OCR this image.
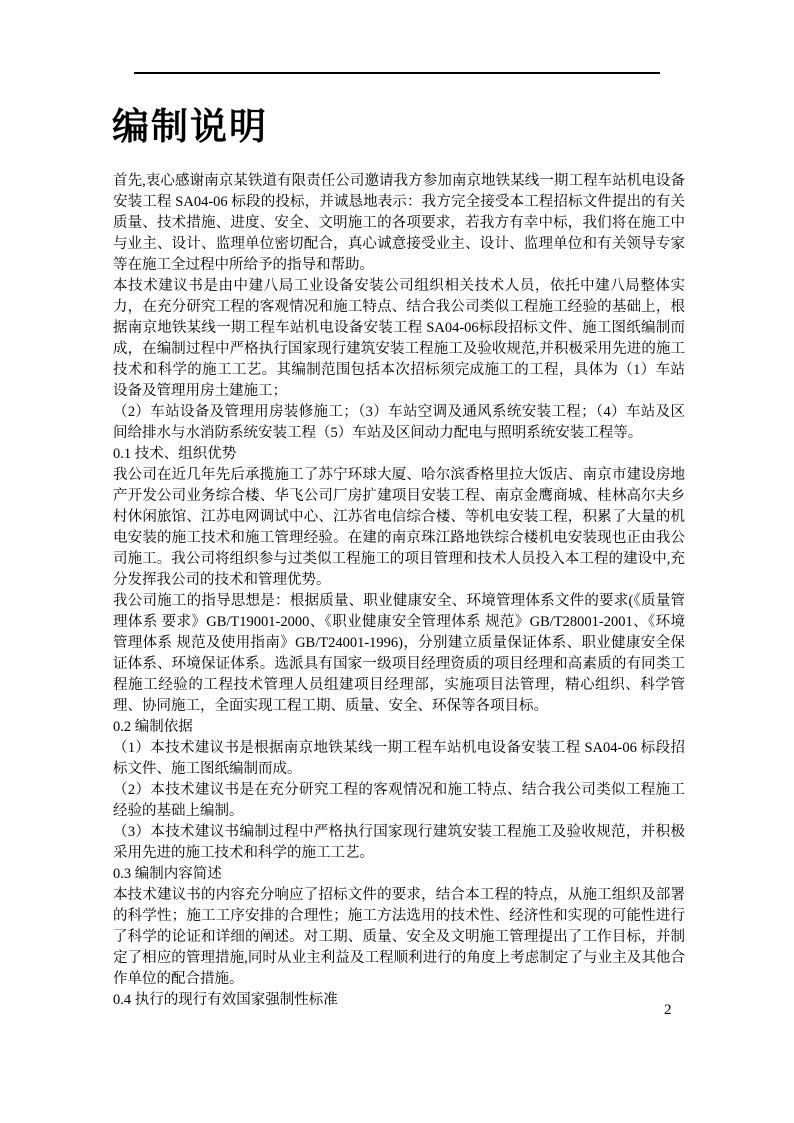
编制说明

首先,衷心感谢南京某铁道有限责任公司邀请我方参加南京地铁某线一期工程车站机电设备安装工程 SA04-06 标段的投标，并诚恳地表示：我方完全接受本工程招标文件提出的有关质量、技术措施、进度、安全、文明施工的各项要求，若我方有幸中标，我们将在施工中与业主、设计、监理单位密切配合，真心诚意接受业主、设计、监理单位和有关领导专家等在施工全过程中所给予的指导和帮助。

本技术建议书是由中建八局工业设备安装公司组织相关技术人员，依托中建八局整体实力，在充分研究工程的客观情况和施工特点、结合我公司类似工程施工经验的基础上，根据南京地铁某线一期工程车站机电设备安装工程 SA04-06标段招标文件、施工图纸编制而成，在编制过程中严格执行国家现行建筑安装工程施工及验收规范,并积极采用先进的施工技术和科学的施工工艺。其编制范围包括本次招标须完成施工的工程，具体为（1）车站设备及管理用房土建施工；

（2）车站设备及管理用房装修施工；（3）车站空调及通风系统安装工程；（4）车站及区间给排水与水消防系统安装工程（5）车站及区间动力配电与照明系统安装工程等。

0.1 技术、组织优势

我公司在近几年先后承揽施工了苏宁环球大厦、哈尔滨香格里拉大饭店、南京市建设房地产开发公司业务综合楼、华飞公司厂房扩建项目安装工程、南京金鹰商城、桂林高尔夫乡村休闲旅馆、江苏电网调试中心、江苏省电信综合楼、等机电安装工程，积累了大量的机电安装的施工技术和施工管理经验。在建的南京珠江路地铁综合楼机电安装现也正由我公司施工。我公司将组织参与过类似工程施工的项目管理和技术人员投入本工程的建设中,充分发挥我公司的技术和管理优势。

我公司施工的指导思想是：根据质量、职业健康安全、环境管理体系文件的要求(《质量管理体系 要求》GB/T19001-2000、《职业健康安全管理体系 规范》GB/T28001-2001、《环境管理体系 规范及使用指南》GB/T24001-1996)，分别建立质量保证体系、职业健康安全保证体系、环境保证体系。选派具有国家一级项目经理资质的项目经理和高素质的有同类工程施工经验的工程技术管理人员组建项目经理部，实施项目法管理，精心组织、科学管理、协同施工，全面实现工程工期、质量、安全、环保等各项目标。

0.2 编制依据

（1）本技术建议书是根据南京地铁某线一期工程车站机电设备安装工程 SA04-06 标段招标文件、施工图纸编制而成。

（2）本技术建议书是在充分研究工程的客观情况和施工特点、结合我公司类似工程施工经验的基础上编制。

（3）本技术建议书编制过程中严格执行国家现行建筑安装工程施工及验收规范，并积极采用先进的施工技术和科学的施工工艺。

0.3 编制内容简述

本技术建议书的内容充分响应了招标文件的要求，结合本工程的特点，从施工组织及部署的科学性；施工工序安排的合理性；施工方法选用的技术性、经济性和实现的可能性进行了科学的论证和详细的阐述。对工期、质量、安全及文明施工管理提出了工作目标，并制定了相应的管理措施,同时从业主利益及工程顺利进行的角度上考虑制定了与业主及其他合作单位的配合措施。

0.4 执行的现行有效国家强制性标准

2
